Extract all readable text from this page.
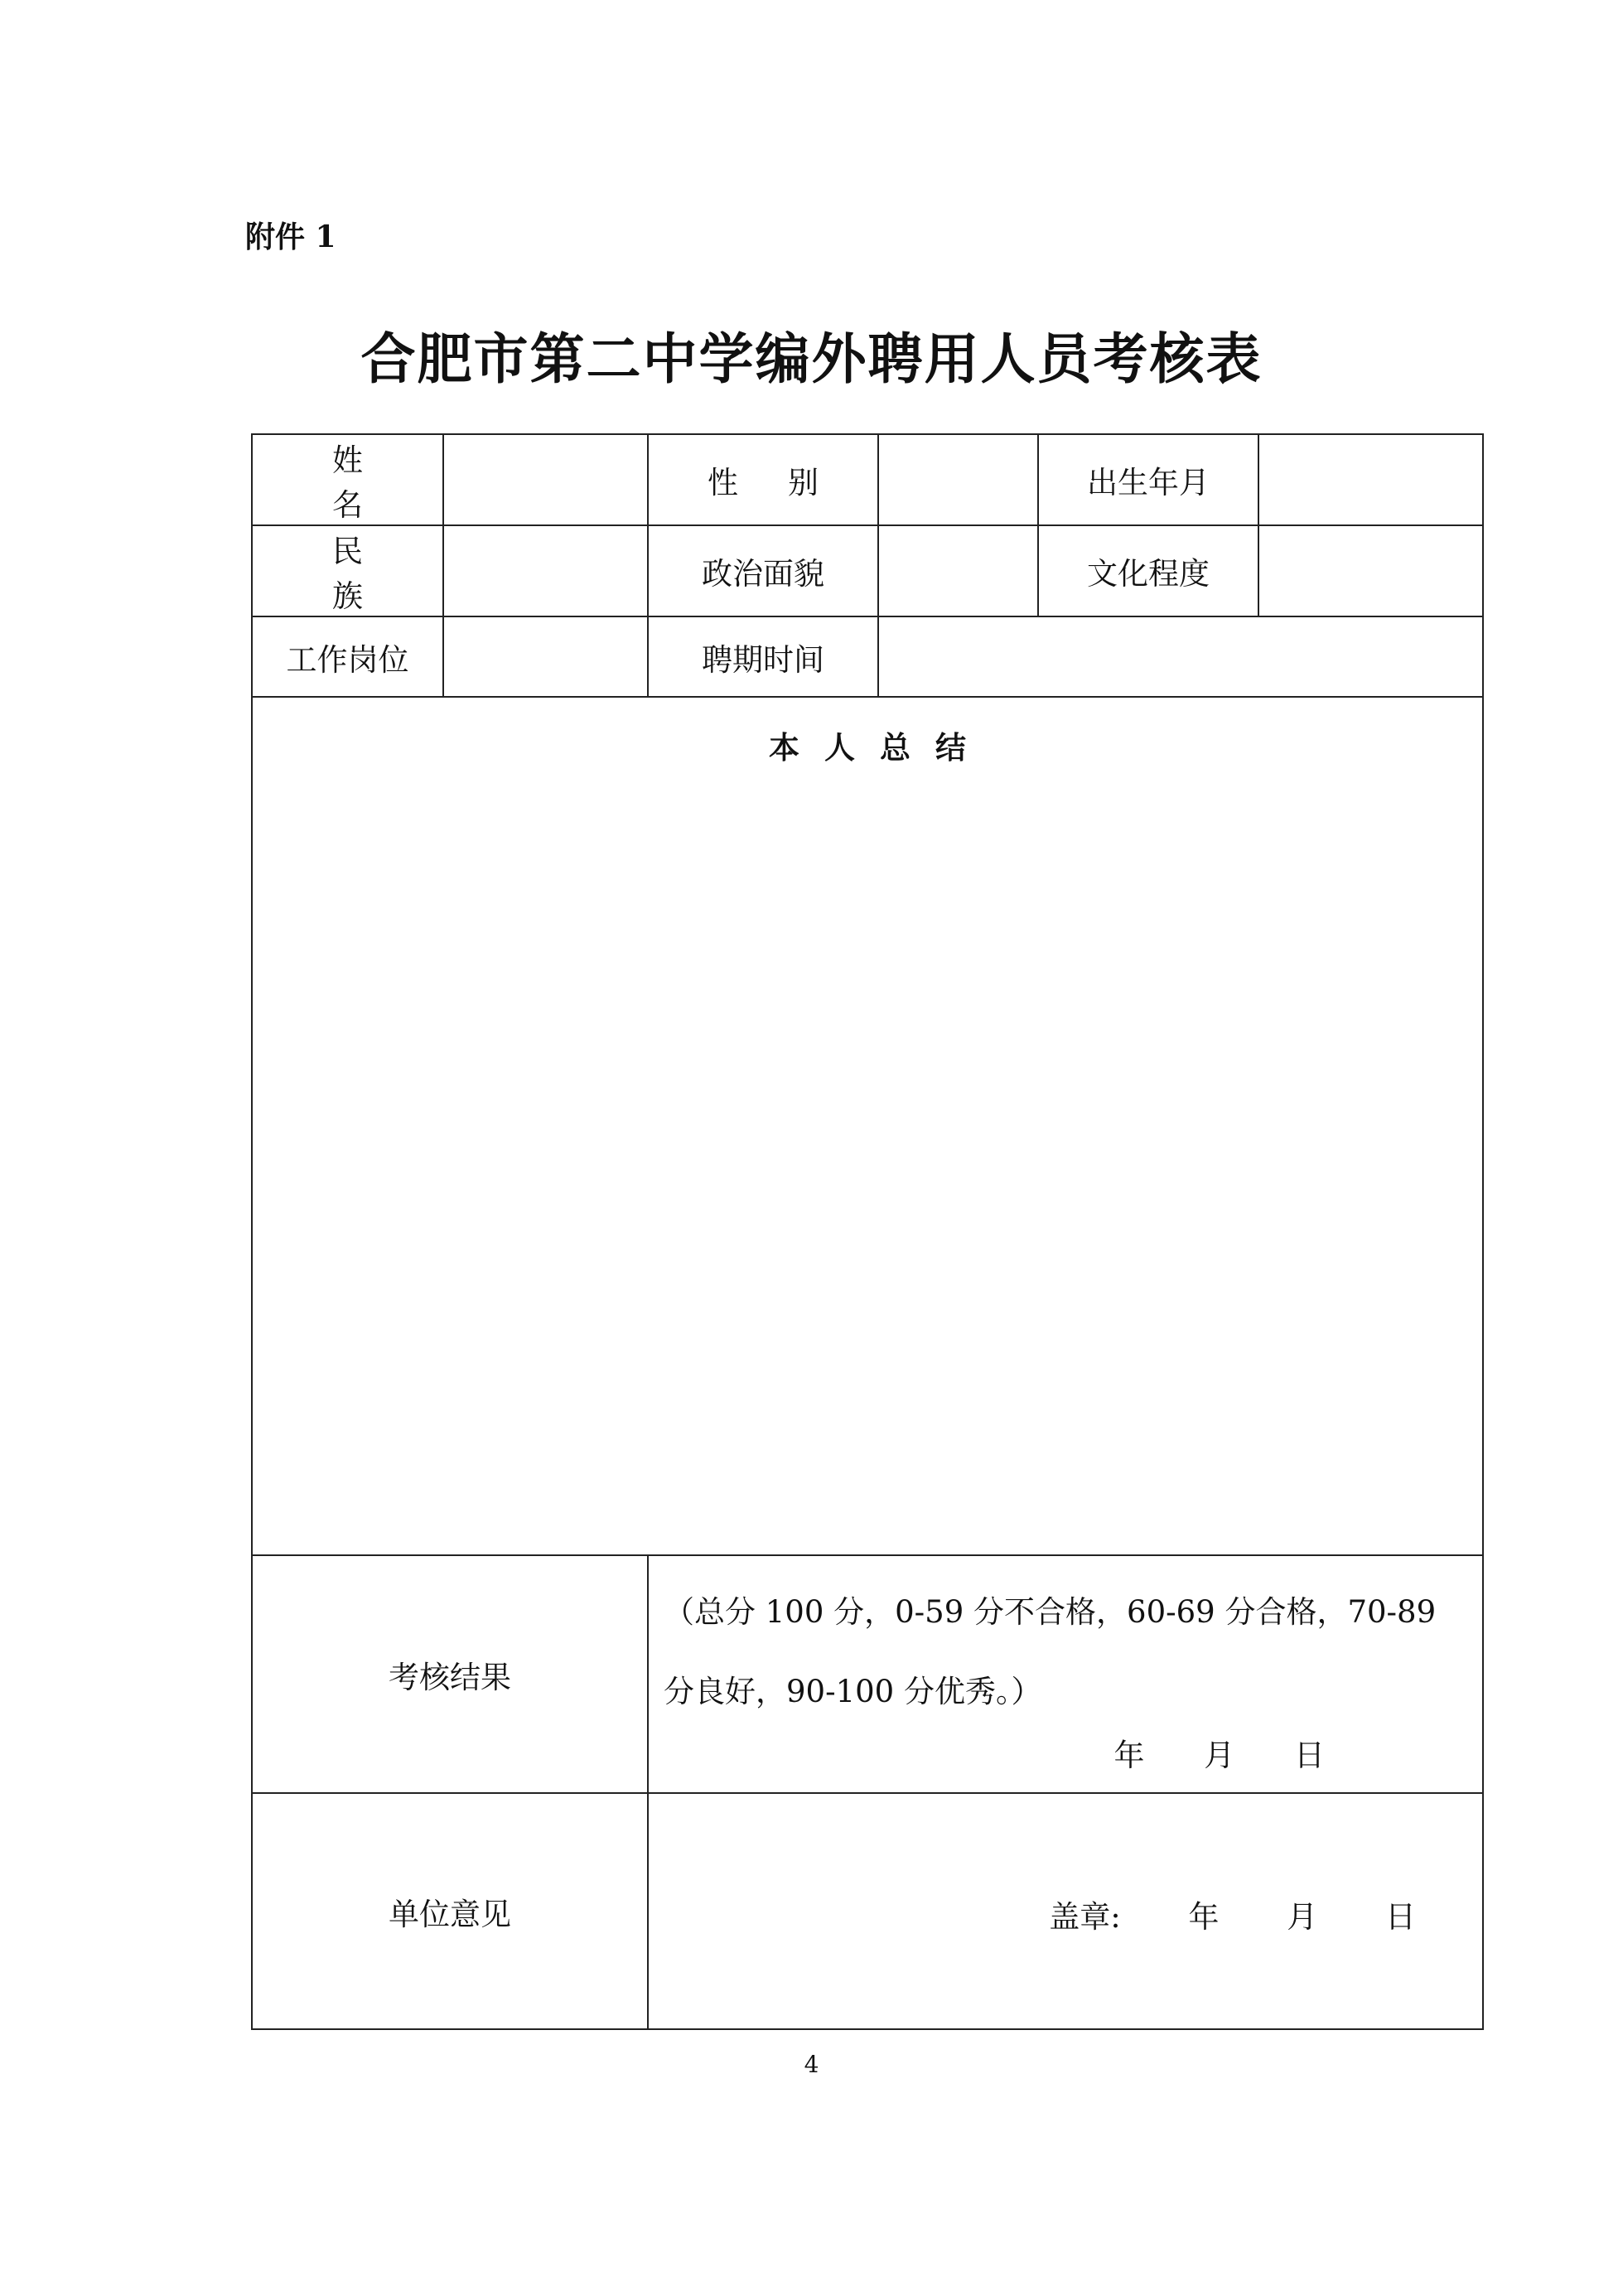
附件 1

合肥市第二中学编外聘用人员考核表
姓名		性别		出生年月	
民族		政治面貌		文化程度	
工作岗位		聘期时间			

本人总结					

考核结果		（总分 100 分，0-59 分不合格，60-69 分合格，70-89 分良好，90-100 分优秀。）
年 月 日			

单位意见		盖章: 年 月 日			

4
